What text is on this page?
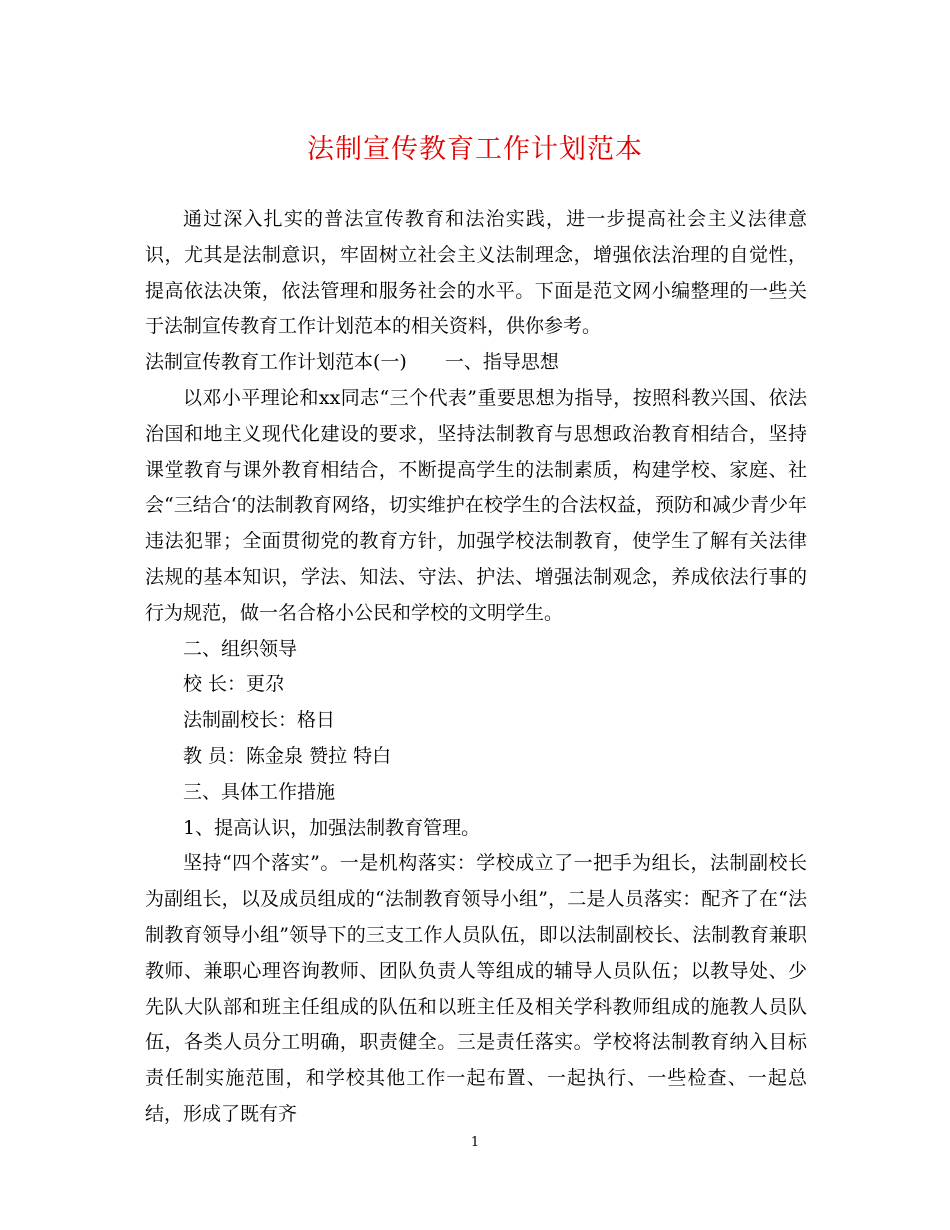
法制宣传教育工作计划范本

通过深入扎实的普法宣传教育和法治实践，进一步提高社会主义法律意识，尤其是法制意识，牢固树立社会主义法制理念，增强依法治理的自觉性，提高依法决策，依法管理和服务社会的水平。下面是范文网小编整理的一些关于法制宣传教育工作计划范本的相关资料，供你参考。

法制宣传教育工作计划范本(一)　　一、指导思想

以邓小平理论和xx同志“三个代表”重要思想为指导，按照科教兴国、依法治国和地主义现代化建设的要求，坚持法制教育与思想政治教育相结合，坚持课堂教育与课外教育相结合，不断提高学生的法制素质，构建学校、家庭、社会“三结合‘的法制教育网络，切实维护在校学生的合法权益，预防和减少青少年违法犯罪；全面贯彻党的教育方针，加强学校法制教育，使学生了解有关法律法规的基本知识，学法、知法、守法、护法、增强法制观念，养成依法行事的行为规范，做一名合格小公民和学校的文明学生。

二、组织领导

校 长：更尕

法制副校长：格日

教 员：陈金泉 赞拉 特白

三、具体工作措施

1、提高认识，加强法制教育管理。

坚持“四个落实”。一是机构落实：学校成立了一把手为组长，法制副校长为副组长，以及成员组成的“法制教育领导小组”，二是人员落实：配齐了在“法制教育领导小组”领导下的三支工作人员队伍，即以法制副校长、法制教育兼职教师、兼职心理咨询教师、团队负责人等组成的辅导人员队伍；以教导处、少先队大队部和班主任组成的队伍和以班主任及相关学科教师组成的施教人员队伍，各类人员分工明确，职责健全。三是责任落实。学校将法制教育纳入目标责任制实施范围，和学校其他工作一起布置、一起执行、一些检查、一起总结，形成了既有齐

1
